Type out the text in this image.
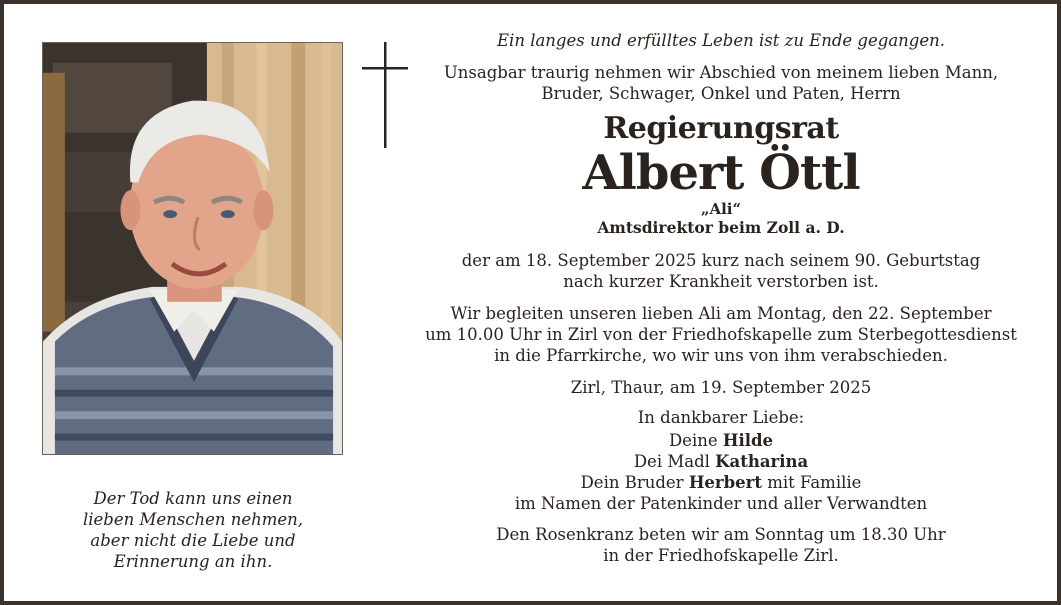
Der Tod kann uns einen
lieben Menschen nehmen,
aber nicht die Liebe und
Erinnerung an ihn.
Ein langes und erfülltes Leben ist zu Ende gegangen.
Unsagbar traurig nehmen wir Abschied von meinem lieben Mann,
Bruder, Schwager, Onkel und Paten, Herrn
Regierungsrat
Albert Öttl
„Ali“
Amtsdirektor beim Zoll a. D.
der am 18. September 2025 kurz nach seinem 90. Geburtstag
nach kurzer Krankheit verstorben ist.
Wir begleiten unseren lieben Ali am Montag, den 22. September
um 10.00 Uhr in Zirl von der Friedhofskapelle zum Sterbegottesdienst
in die Pfarrkirche, wo wir uns von ihm verabschieden.
Zirl, Thaur, am 19. September 2025
In dankbarer Liebe:
Deine Hilde
Dei Madl Katharina
Dein Bruder Herbert mit Familie
im Namen der Patenkinder und aller Verwandten
Den Rosenkranz beten wir am Sonntag um 18.30 Uhr
in der Friedhofskapelle Zirl.
